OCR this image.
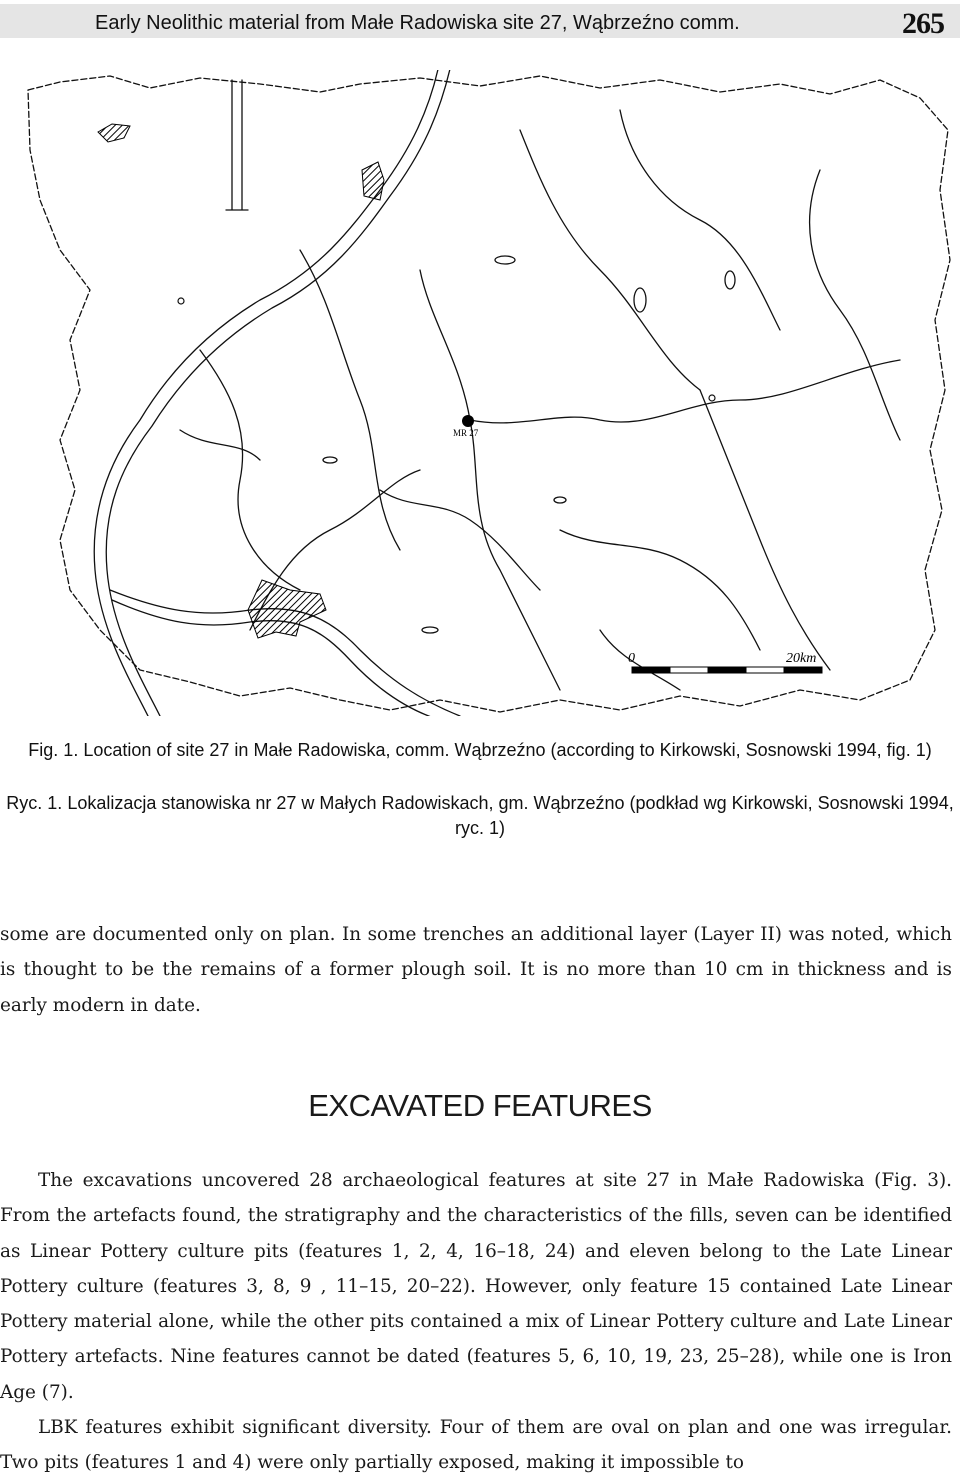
Early Neolithic material from Małe Radowiska site 27, Wąbrzeźno comm.	265
MR 27
0	20km

Fig. 1. Location of site 27 in Małe Radowiska, comm. Wąbrzeźno (according to Kirkowski, Sosnowski 1994, fig. 1)

Ryc. 1. Lokalizacja stanowiska nr 27 w Małych Radowiskach, gm. Wąbrzeźno (podkład wg Kirkowski, Sosnowski 1994, ryc. 1)

some are documented only on plan. In some trenches an additional layer (Layer II) was noted, which is thought to be the remains of a former plough soil. It is no more than 10 cm in thickness and is early modern in date.

EXCAVATED FEATURES

The excavations uncovered 28 archaeological features at site 27 in Małe Radowiska (Fig. 3). From the artefacts found, the stratigraphy and the characteristics of the fills, seven can be identified as Linear Pottery culture pits (features 1, 2, 4, 16–18, 24) and eleven belong to the Late Linear Pottery culture (features 3, 8, 9 , 11–15, 20–22). However, only feature 15 contained Late Linear Pottery material alone, while the other pits contained a mix of Linear Pottery culture and Late Linear Pottery artefacts. Nine features cannot be dated (features 5, 6, 10, 19, 23, 25–28), while one is Iron Age (7).

LBK features exhibit significant diversity. Four of them are oval on plan and one was irregular. Two pits (features 1 and 4) were only partially exposed, making it impossible to
